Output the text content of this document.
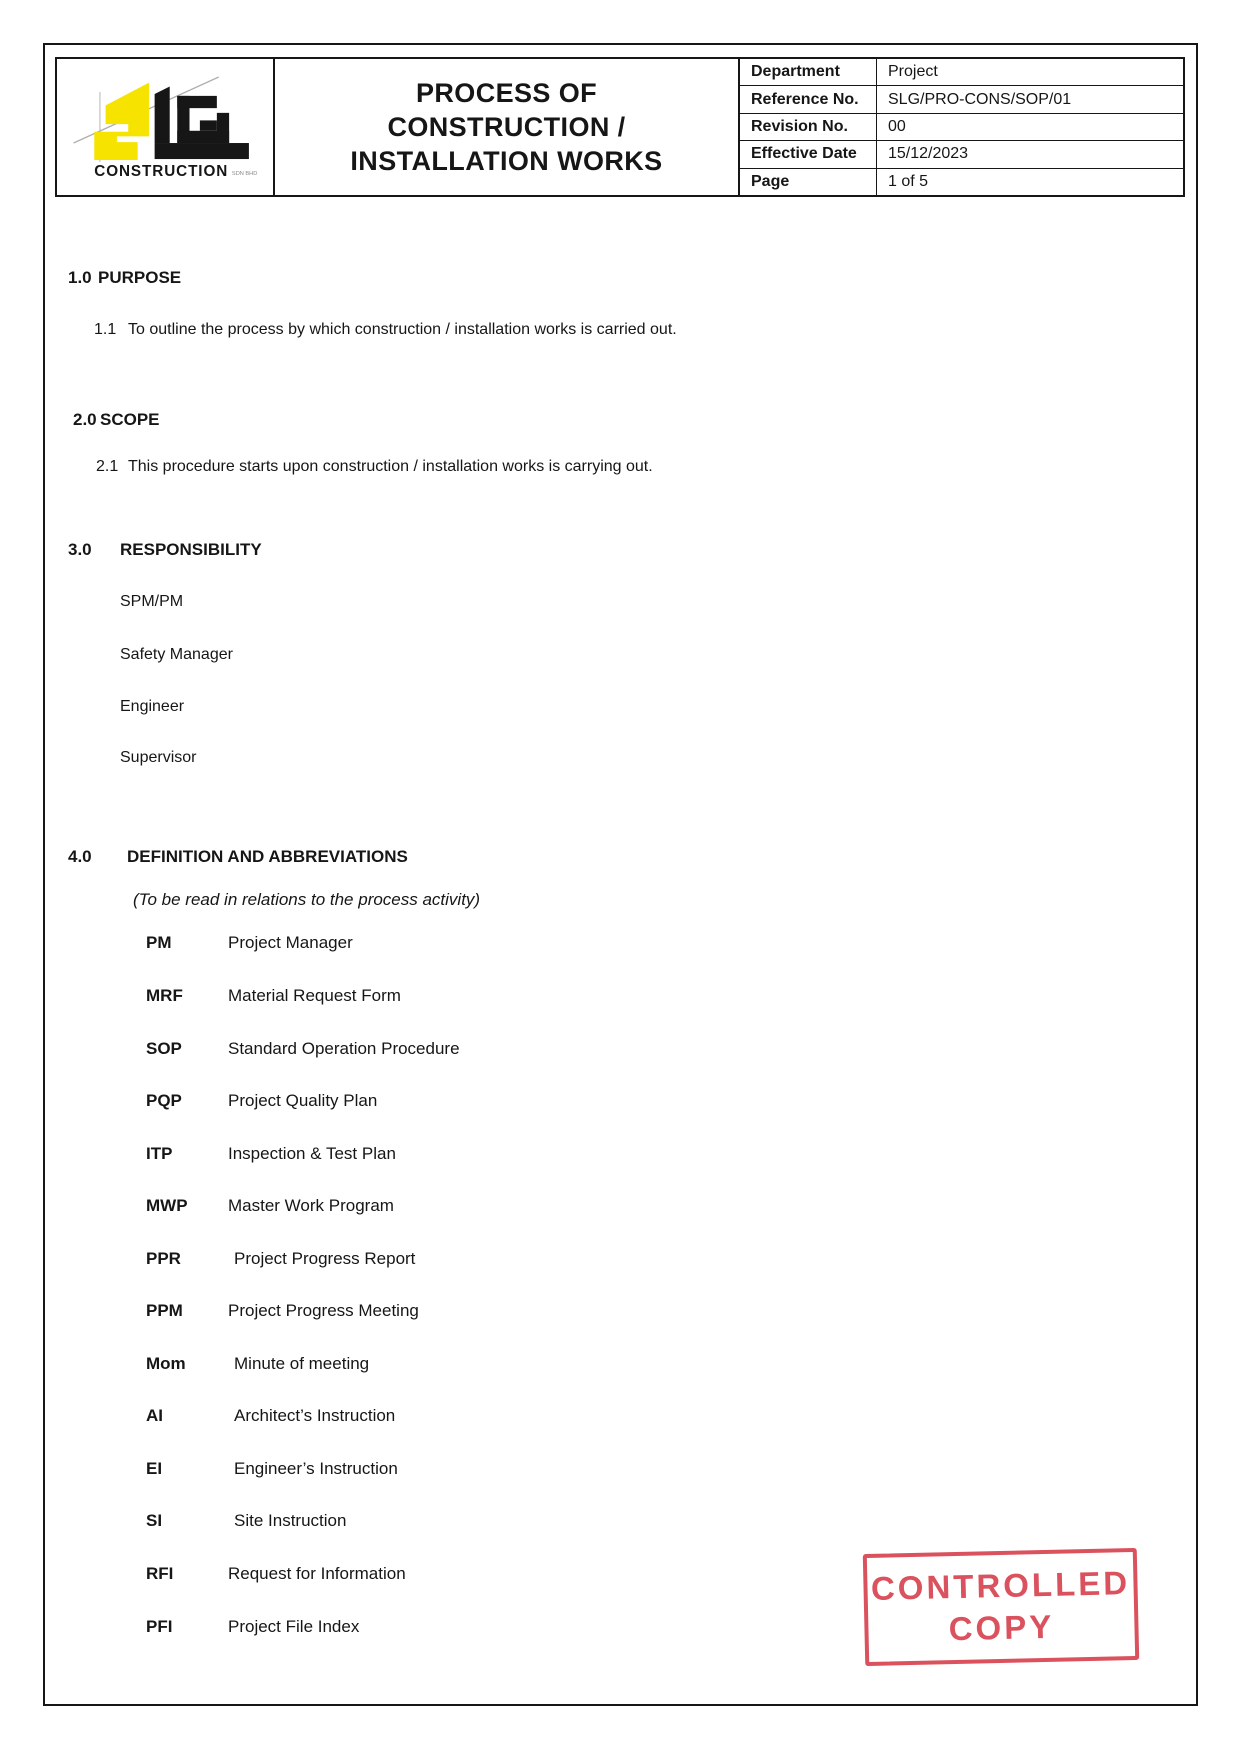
CONSTRUCTION SDN BHD
PROCESS OF
CONSTRUCTION /
INSTALLATION WORKS
Department	Project
Reference No.	SLG/PRO-CONS/SOP/01
Revision No.	00
Effective Date	15/12/2023
Page	1 of 5
1.0 PURPOSE
1.1 To outline the process by which construction / installation works is carried out.
2.0 SCOPE
2.1 This procedure starts upon construction / installation works is carrying out.
3.0 RESPONSIBILITY
SPM/PM
Safety Manager
Engineer
Supervisor
4.0 DEFINITION AND ABBREVIATIONS
(To be read in relations to the process activity)
PM	Project Manager
MRF	Material Request Form
SOP	Standard Operation Procedure
PQP	Project Quality Plan
ITP	Inspection & Test Plan
MWP Master Work Program
PPR	Project Progress Report
PPM	Project Progress Meeting
Mom	Minute of meeting
AI	Architect’s Instruction
EI	Engineer’s Instruction
SI	Site Instruction
RFI	Request for Information
PFI	Project File Index
CONTROLLED
COPY
